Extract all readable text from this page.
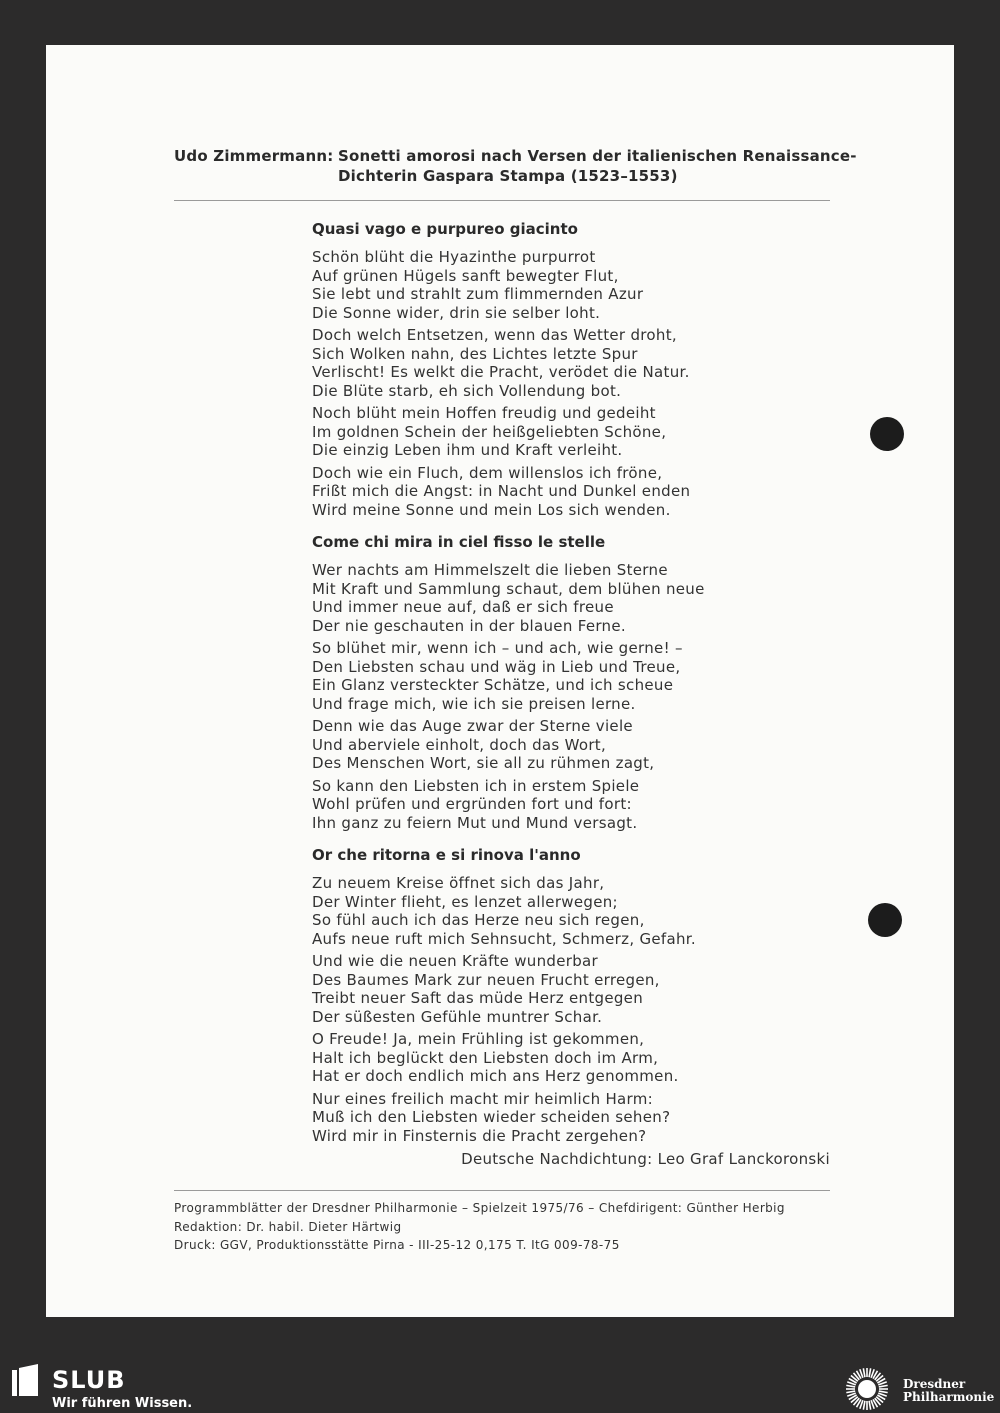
Udo Zimmermann: Sonetti amorosi nach Versen der italienischen Renaissance-
Dichterin Gaspara Stampa (1523–1553)
Quasi vago e purpureo giacinto
Schön blüht die Hyazinthe purpurrot
Auf grünen Hügels sanft bewegter Flut,
Sie lebt und strahlt zum flimmernden Azur
Die Sonne wider, drin sie selber loht.
Doch welch Entsetzen, wenn das Wetter droht,
Sich Wolken nahn, des Lichtes letzte Spur
Verlischt! Es welkt die Pracht, verödet die Natur.
Die Blüte starb, eh sich Vollendung bot.
Noch blüht mein Hoffen freudig und gedeiht
Im goldnen Schein der heißgeliebten Schöne,
Die einzig Leben ihm und Kraft verleiht.
Doch wie ein Fluch, dem willenslos ich fröne,
Frißt mich die Angst: in Nacht und Dunkel enden
Wird meine Sonne und mein Los sich wenden.
Come chi mira in ciel fisso le stelle
Wer nachts am Himmelszelt die lieben Sterne
Mit Kraft und Sammlung schaut, dem blühen neue
Und immer neue auf, daß er sich freue
Der nie geschauten in der blauen Ferne.
So blühet mir, wenn ich – und ach, wie gerne! –
Den Liebsten schau und wäg in Lieb und Treue,
Ein Glanz versteckter Schätze, und ich scheue
Und frage mich, wie ich sie preisen lerne.
Denn wie das Auge zwar der Sterne viele
Und aberviele einholt, doch das Wort,
Des Menschen Wort, sie all zu rühmen zagt,
So kann den Liebsten ich in erstem Spiele
Wohl prüfen und ergründen fort und fort:
Ihn ganz zu feiern Mut und Mund versagt.
Or che ritorna e si rinova l'anno
Zu neuem Kreise öffnet sich das Jahr,
Der Winter flieht, es lenzet allerwegen;
So fühl auch ich das Herze neu sich regen,
Aufs neue ruft mich Sehnsucht, Schmerz, Gefahr.
Und wie die neuen Kräfte wunderbar
Des Baumes Mark zur neuen Frucht erregen,
Treibt neuer Saft das müde Herz entgegen
Der süßesten Gefühle muntrer Schar.
O Freude! Ja, mein Frühling ist gekommen,
Halt ich beglückt den Liebsten doch im Arm,
Hat er doch endlich mich ans Herz genommen.
Nur eines freilich macht mir heimlich Harm:
Muß ich den Liebsten wieder scheiden sehen?
Wird mir in Finsternis die Pracht zergehen?
Deutsche Nachdichtung: Leo Graf Lanckoronski
Programmblätter der Dresdner Philharmonie – Spielzeit 1975/76 – Chefdirigent: Günther Herbig
Redaktion: Dr. habil. Dieter Härtwig
Druck: GGV, Produktionsstätte Pirna - III-25-12 0,175 T. ItG 009-78-75
SLUB
Wir führen Wissen.
Dresdner
Philharmonie
